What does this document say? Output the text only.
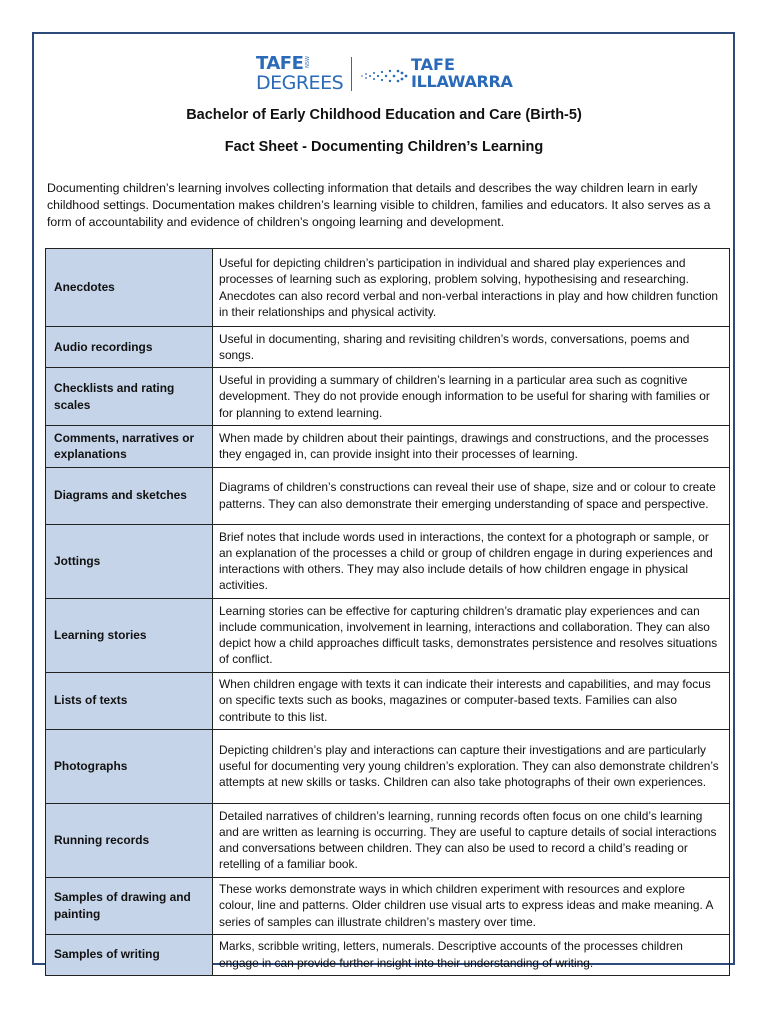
TAFE NSW
DEGREES
TAFE
ILLAWARRA
Bachelor of Early Childhood Education and Care (Birth-5)
Fact Sheet - Documenting Children’s Learning

Documenting children’s learning involves collecting information that details and describes the way children learn in early childhood settings. Documentation makes children’s learning visible to children, families and educators. It also serves as a form of accountability and evidence of children’s ongoing learning and development.

Anecdotes	Useful for depicting children’s participation in individual and shared play experiences and processes of learning such as exploring, problem solving, hypothesising and researching. Anecdotes can also record verbal and non-verbal interactions in play and how children function in their relationships and physical activity.
Audio recordings	Useful in documenting, sharing and revisiting children’s words, conversations, poems and songs.
Checklists and rating scales	Useful in providing a summary of children’s learning in a particular area such as cognitive development. They do not provide enough information to be useful for sharing with families or for planning to extend learning.
Comments, narratives or explanations	When made by children about their paintings, drawings and constructions, and the processes they engaged in, can provide insight into their processes of learning.
Diagrams and sketches	Diagrams of children’s constructions can reveal their use of shape, size and or colour to create patterns. They can also demonstrate their emerging understanding of space and perspective.
Jottings	Brief notes that include words used in interactions, the context for a photograph or sample, or an explanation of the processes a child or group of children engage in during experiences and interactions with others. They may also include details of how children engage in physical activities.
Learning stories	Learning stories can be effective for capturing children’s dramatic play experiences and can include communication, involvement in learning, interactions and collaboration. They can also depict how a child approaches difficult tasks, demonstrates persistence and resolves situations of conflict.
Lists of texts	When children engage with texts it can indicate their interests and capabilities, and may focus on specific texts such as books, magazines or computer-based texts. Families can also contribute to this list.
Photographs	Depicting children’s play and interactions can capture their investigations and are particularly useful for documenting very young children’s exploration. They can also demonstrate children’s attempts at new skills or tasks. Children can also take photographs of their own experiences.
Running records	Detailed narratives of children’s learning, running records often focus on one child’s learning and are written as learning is occurring. They are useful to capture details of social interactions and conversations between children. They can also be used to record a child’s reading or retelling of a familiar book.
Samples of drawing and painting	These works demonstrate ways in which children experiment with resources and explore colour, line and patterns. Older children use visual arts to express ideas and make meaning. A series of samples can illustrate children’s mastery over time.
Samples of writing	Marks, scribble writing, letters, numerals. Descriptive accounts of the processes children engage in can provide further insight into their understanding of writing.
